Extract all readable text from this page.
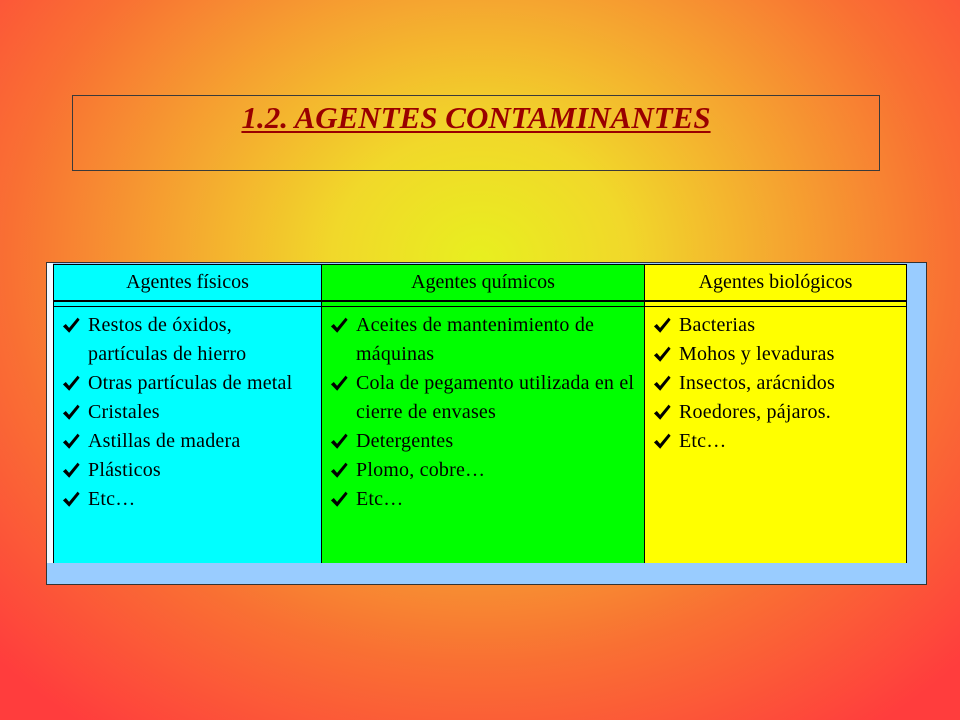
1.2. AGENTES CONTAMINANTES
Agentes físicos
Restos de óxidos,
partículas de hierro
Otras partículas de metal
Cristales
Astillas de madera
Plásticos
Etc…
Agentes químicos
Aceites de mantenimiento de
máquinas
Cola de pegamento utilizada en el
cierre de envases
Detergentes
Plomo, cobre…
Etc…
Agentes biológicos
Bacterias
Mohos y levaduras
Insectos, arácnidos
Roedores, pájaros.
Etc…
